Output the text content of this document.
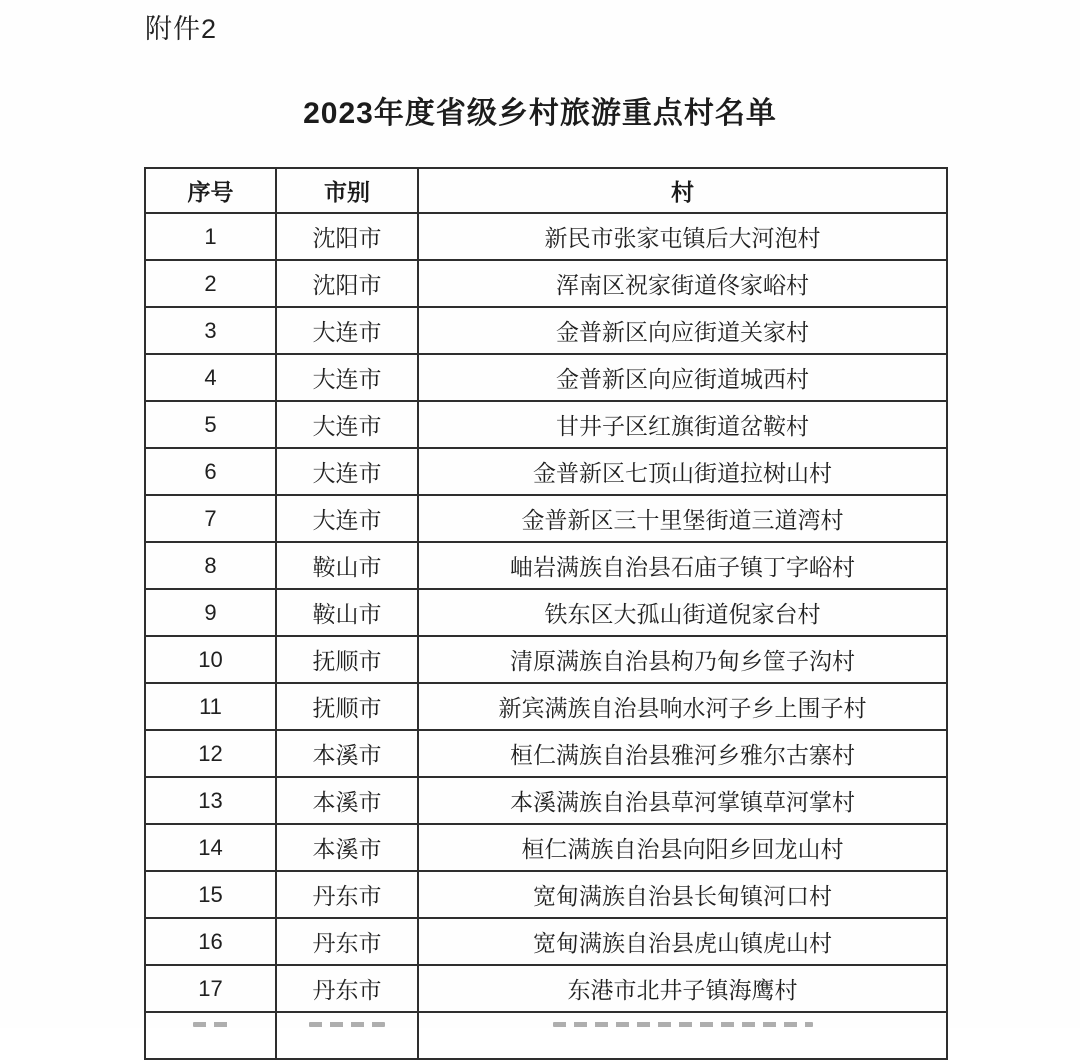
附件2
2023年度省级乡村旅游重点村名单
序号	市别	村
1	沈阳市	新民市张家屯镇后大河泡村
2	沈阳市	浑南区祝家街道佟家峪村
3	大连市	金普新区向应街道关家村
4	大连市	金普新区向应街道城西村
5	大连市	甘井子区红旗街道岔鞍村
6	大连市	金普新区七顶山街道拉树山村
7	大连市	金普新区三十里堡街道三道湾村
8	鞍山市	岫岩满族自治县石庙子镇丁字峪村
9	鞍山市	铁东区大孤山街道倪家台村
10	抚顺市	清原满族自治县枸乃甸乡筐子沟村
11	抚顺市	新宾满族自治县响水河子乡上围子村
12	本溪市	桓仁满族自治县雅河乡雅尔古寨村
13	本溪市	本溪满族自治县草河掌镇草河掌村
14	本溪市	桓仁满族自治县向阳乡回龙山村
15	丹东市	宽甸满族自治县长甸镇河口村
16	丹东市	宽甸满族自治县虎山镇虎山村
17	丹东市	东港市北井子镇海鹰村
